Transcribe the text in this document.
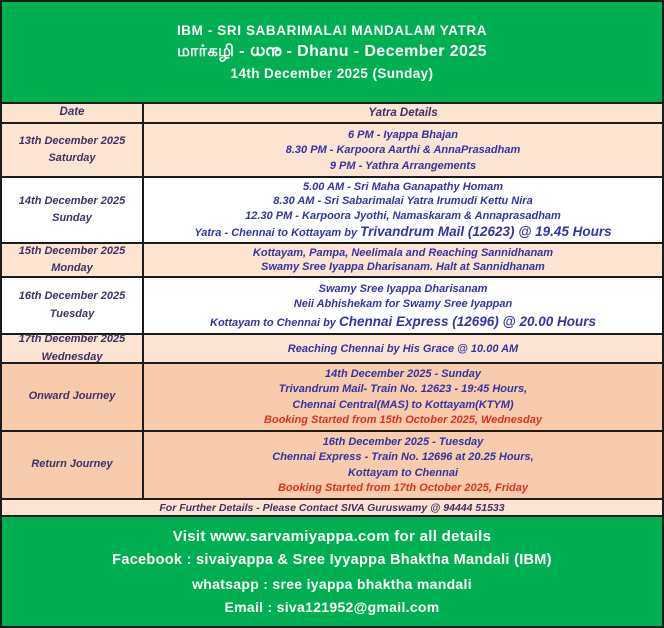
IBM - SRI SABARIMALAI MANDALAM YATRA
மார்கழி - ധനു - Dhanu - December 2025
14th December 2025 (Sunday)
Date	Yatra Details
13th December 2025
Saturday
6 PM - Iyappa Bhajan
8.30 PM - Karpoora Aarthi & AnnaPrasadham
9 PM - Yathra Arrangements
14th December 2025
Sunday
5.00 AM - Sri Maha Ganapathy Homam
8.30 AM - Sri Sabarimalai Yatra Irumudi Kettu Nira
12.30 PM - Karpoora Jyothi, Namaskaram & Annaprasadham
Yatra - Chennai to Kottayam by Trivandrum Mail (12623) @ 19.45 Hours
15th December 2025
Monday
Kottayam, Pampa, Neelimala and Reaching Sannidhanam
Swamy Sree Iyappa Dharisanam. Halt at Sannidhanam
16th December 2025
Tuesday
Swamy Sree Iyappa Dharisanam
Neii Abhishekam for Swamy Sree Iyappan
Kottayam to Chennai by Chennai Express (12696) @ 20.00 Hours
17th December 2025
Wednesday
Reaching Chennai by His Grace @ 10.00 AM
Onward Journey
14th December 2025 - Sunday
Trivandrum Mail- Train No. 12623 - 19:45 Hours,
Chennai Central(MAS) to Kottayam(KTYM)
Booking Started from 15th October 2025, Wednesday
Return Journey
16th December 2025 - Tuesday
Chennai Express - Train No. 12696 at 20.25 Hours,
Kottayam to Chennai
Booking Started from 17th October 2025, Friday
For Further Details - Please Contact SIVA Guruswamy @ 94444 51533
Visit www.sarvamiyappa.com for all details
Facebook : sivaiyappa & Sree Iyyappa Bhaktha Mandali (IBM)
whatsapp : sree iyappa bhaktha mandali
Email : siva121952@gmail.com
